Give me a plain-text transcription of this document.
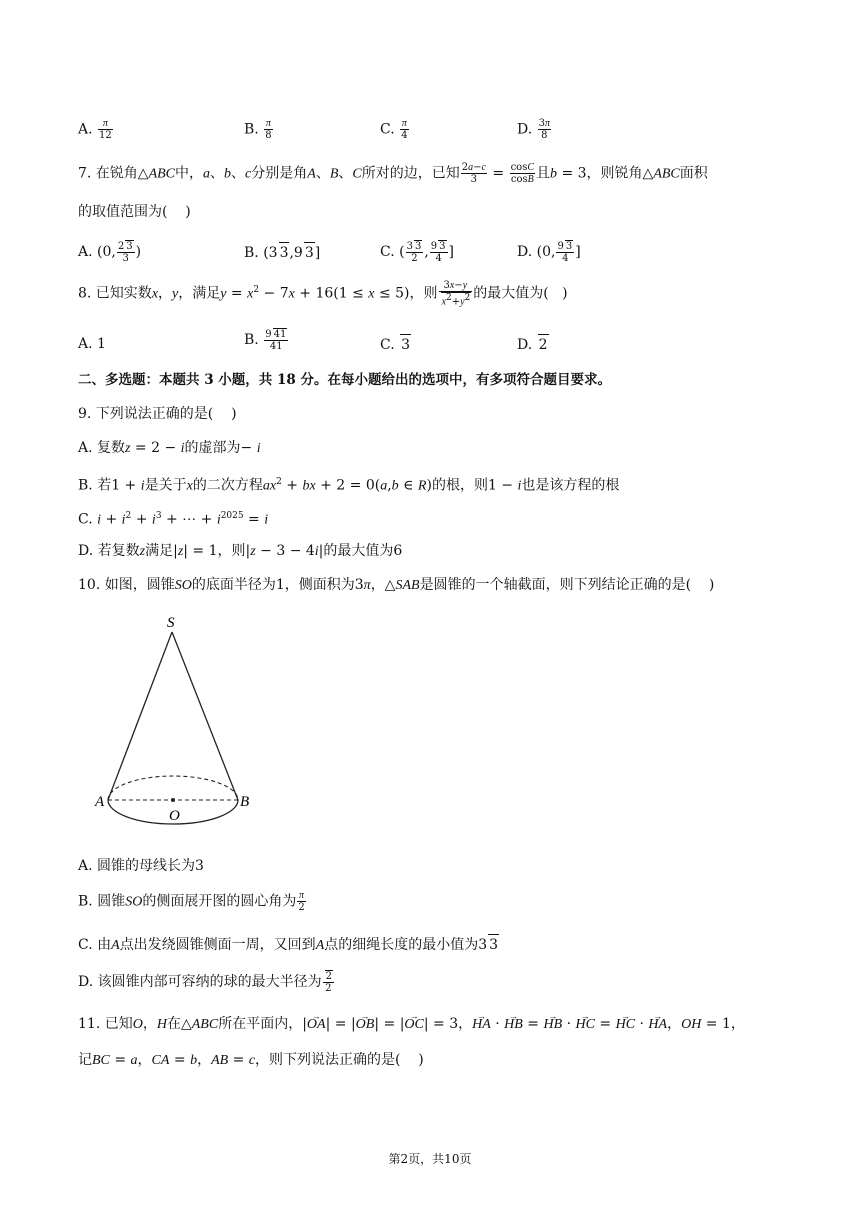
A. $\frac{\pi}{12}$	B. $\frac{\pi}{8}$	C. $\frac{\pi}{4}$	D. $\frac{3\pi}{8}$
7. 在锐角△ABC中，a、b、c分别是角A、B、C所对的边，已知 $\frac{2a-c}{3} = \frac{\cos C}{\cos B}$ 且b = 3，则锐角△ABC面积
的取值范围为(    )
A. (0, $\frac{2 3}{3}$ )	B. (3 3,9 3]	C. ( $\frac{3 3}{2}$ , $\frac{9 3}{4}$ ]	D. (0, $\frac{9 3}{4}$ ]
8. 已知实数x，y，满足$y = x^2 - 7x + 16(1 \le x \le 5)$，则 $\frac{3x-y}{x^2+y^2}$ 的最大值为(   )
A. 1	B. $\frac{9 41}{41}$	C. 3	D. 2
二、多选题：本题共 3 小题，共 18 分。在每小题给出的选项中，有多项符合题目要求。
9. 下列说法正确的是(    )
A. 复数z = 2 − i的虚部为− i
B. 若1 + i是关于x的二次方程$ax^2$ + bx + 2 = 0(a,b ∈ R)的根，则1 − i也是该方程的根
C. $i + i^2 + i^3$ + ⋯ + $i^{2025} = i$
D. 若复数z满足|z| = 1，则|z − 3 − 4i|的最大值为6
10. 如图，圆锥SO的底面半径为1，侧面积为3π，△SAB是圆锥的一个轴截面，则下列结论正确的是(    )
S
A
O
B
A. 圆锥的母线长为3
B. 圆锥SO的侧面展开图的圆心角为 $\frac{\pi}{2}$
C. 由A点出发绕圆锥侧面一周，又回到A点的细绳长度的最小值为3 3
D. 该圆锥内部可容纳的球的最大半径为 $\frac{2}{2}$
11. 已知O，H在△ABC所在平面内，|→ OA| = |→ OB| = |→ OC| = 3，→ HA · → HB = → HB · → HC = → HC · → HA，OH = 1，
记BC = a，CA = b，AB = c，则下列说法正确的是(    )
第2页，共10页
